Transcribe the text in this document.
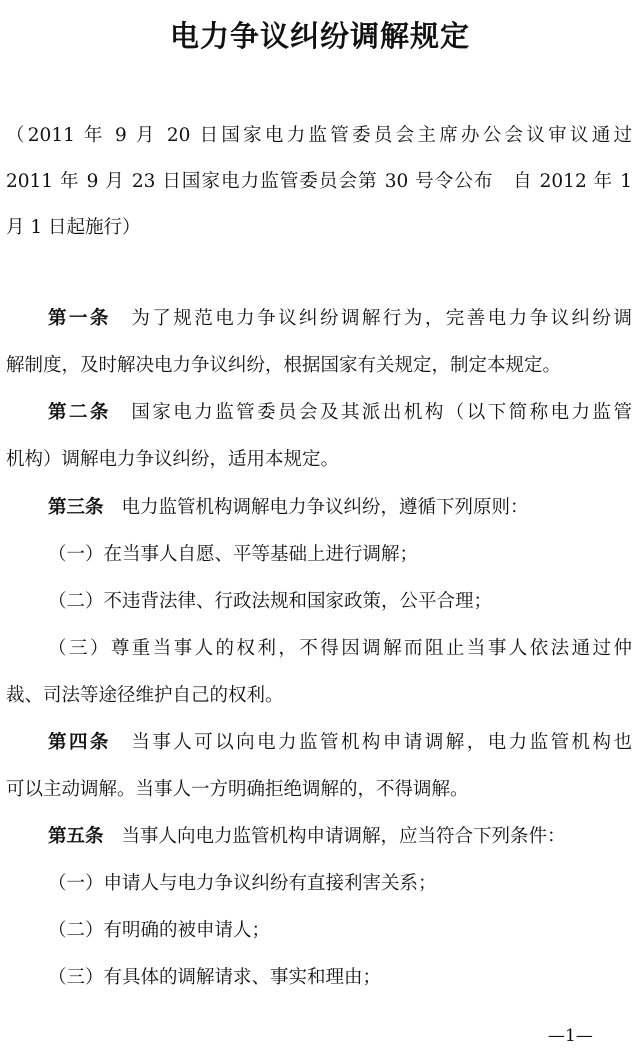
电力争议纠纷调解规定
（2011 年 9 月 20 日国家电力监管委员会主席办公会议审议通过
2011 年 9 月 23 日国家电力监管委员会第 30 号令公布　自 2012 年 1
月 1 日起施行）
第一条 为了规范电力争议纠纷调解行为，完善电力争议纠纷调
解制度，及时解决电力争议纠纷，根据国家有关规定，制定本规定。
第二条 国家电力监管委员会及其派出机构（以下简称电力监管
机构）调解电力争议纠纷，适用本规定。
第三条 电力监管机构调解电力争议纠纷，遵循下列原则：
（一）在当事人自愿、平等基础上进行调解；
（二）不违背法律、行政法规和国家政策，公平合理；
（三）尊重当事人的权利，不得因调解而阻止当事人依法通过仲
裁、司法等途径维护自己的权利。
第四条 当事人可以向电力监管机构申请调解，电力监管机构也
可以主动调解。当事人一方明确拒绝调解的，不得调解。
第五条 当事人向电力监管机构申请调解，应当符合下列条件：
（一）申请人与电力争议纠纷有直接利害关系；
（二）有明确的被申请人；
（三）有具体的调解请求、事实和理由；
—1—
